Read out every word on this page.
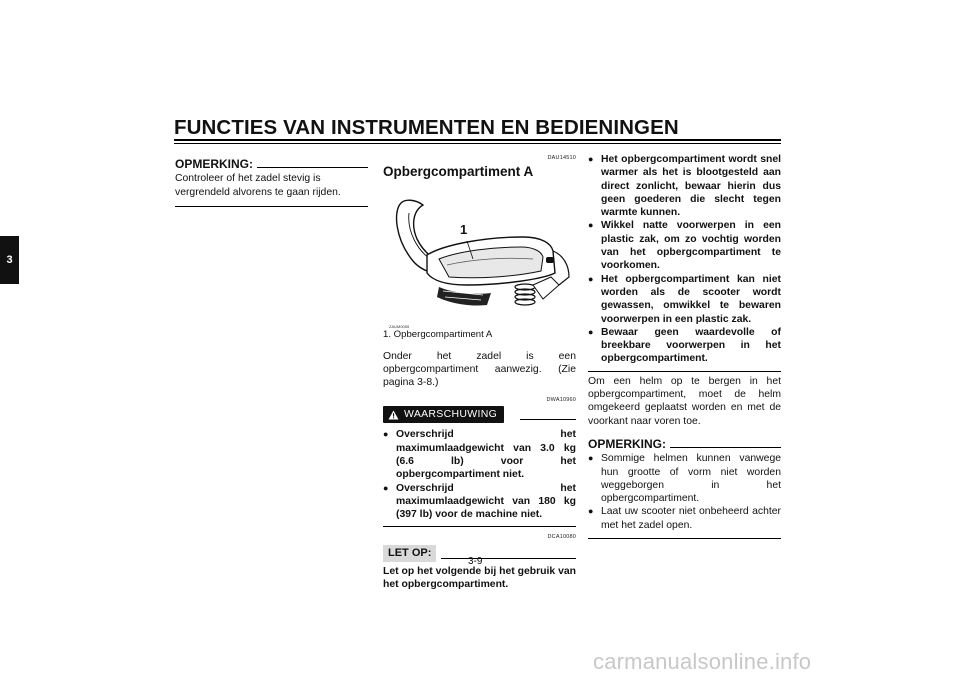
FUNCTIES VAN INSTRUMENTEN EN BEDIENINGEN
3
OPMERKING:
Controleer of het zadel stevig is vergrendeld alvorens te gaan rijden.
DAU14510
Opbergcompartiment A
1
ZAUM0055
1. Opbergcompartiment A
Onder het zadel is een opbergcompartiment aanwezig. (Zie pagina 3-8.)
DWA10960
WAARSCHUWING
● Overschrijd het maximumlaadgewicht van 3.0 kg (6.6 lb) voor het opbergcompartiment niet.
● Overschrijd het maximumlaadgewicht van 180 kg (397 lb) voor de machine niet.
DCA10080
LET OP:
Let op het volgende bij het gebruik van het opbergcompartiment.
● Het opbergcompartiment wordt snel warmer als het is blootgesteld aan direct zonlicht, bewaar hierin dus geen goederen die slecht tegen warmte kunnen.
● Wikkel natte voorwerpen in een plastic zak, om zo vochtig worden van het opbergcompartiment te voorkomen.
● Het opbergcompartiment kan niet worden als de scooter wordt gewassen, omwikkel te bewaren voorwerpen in een plastic zak.
● Bewaar geen waardevolle of breekbare voorwerpen in het opbergcompartiment.
Om een helm op te bergen in het opbergcompartiment, moet de helm omgekeerd geplaatst worden en met de voorkant naar voren toe.
OPMERKING:
● Sommige helmen kunnen vanwege hun grootte of vorm niet worden weggeborgen in het opbergcompartiment.
● Laat uw scooter niet onbeheerd achter met het zadel open.
3-9
carmanualsonline.info
